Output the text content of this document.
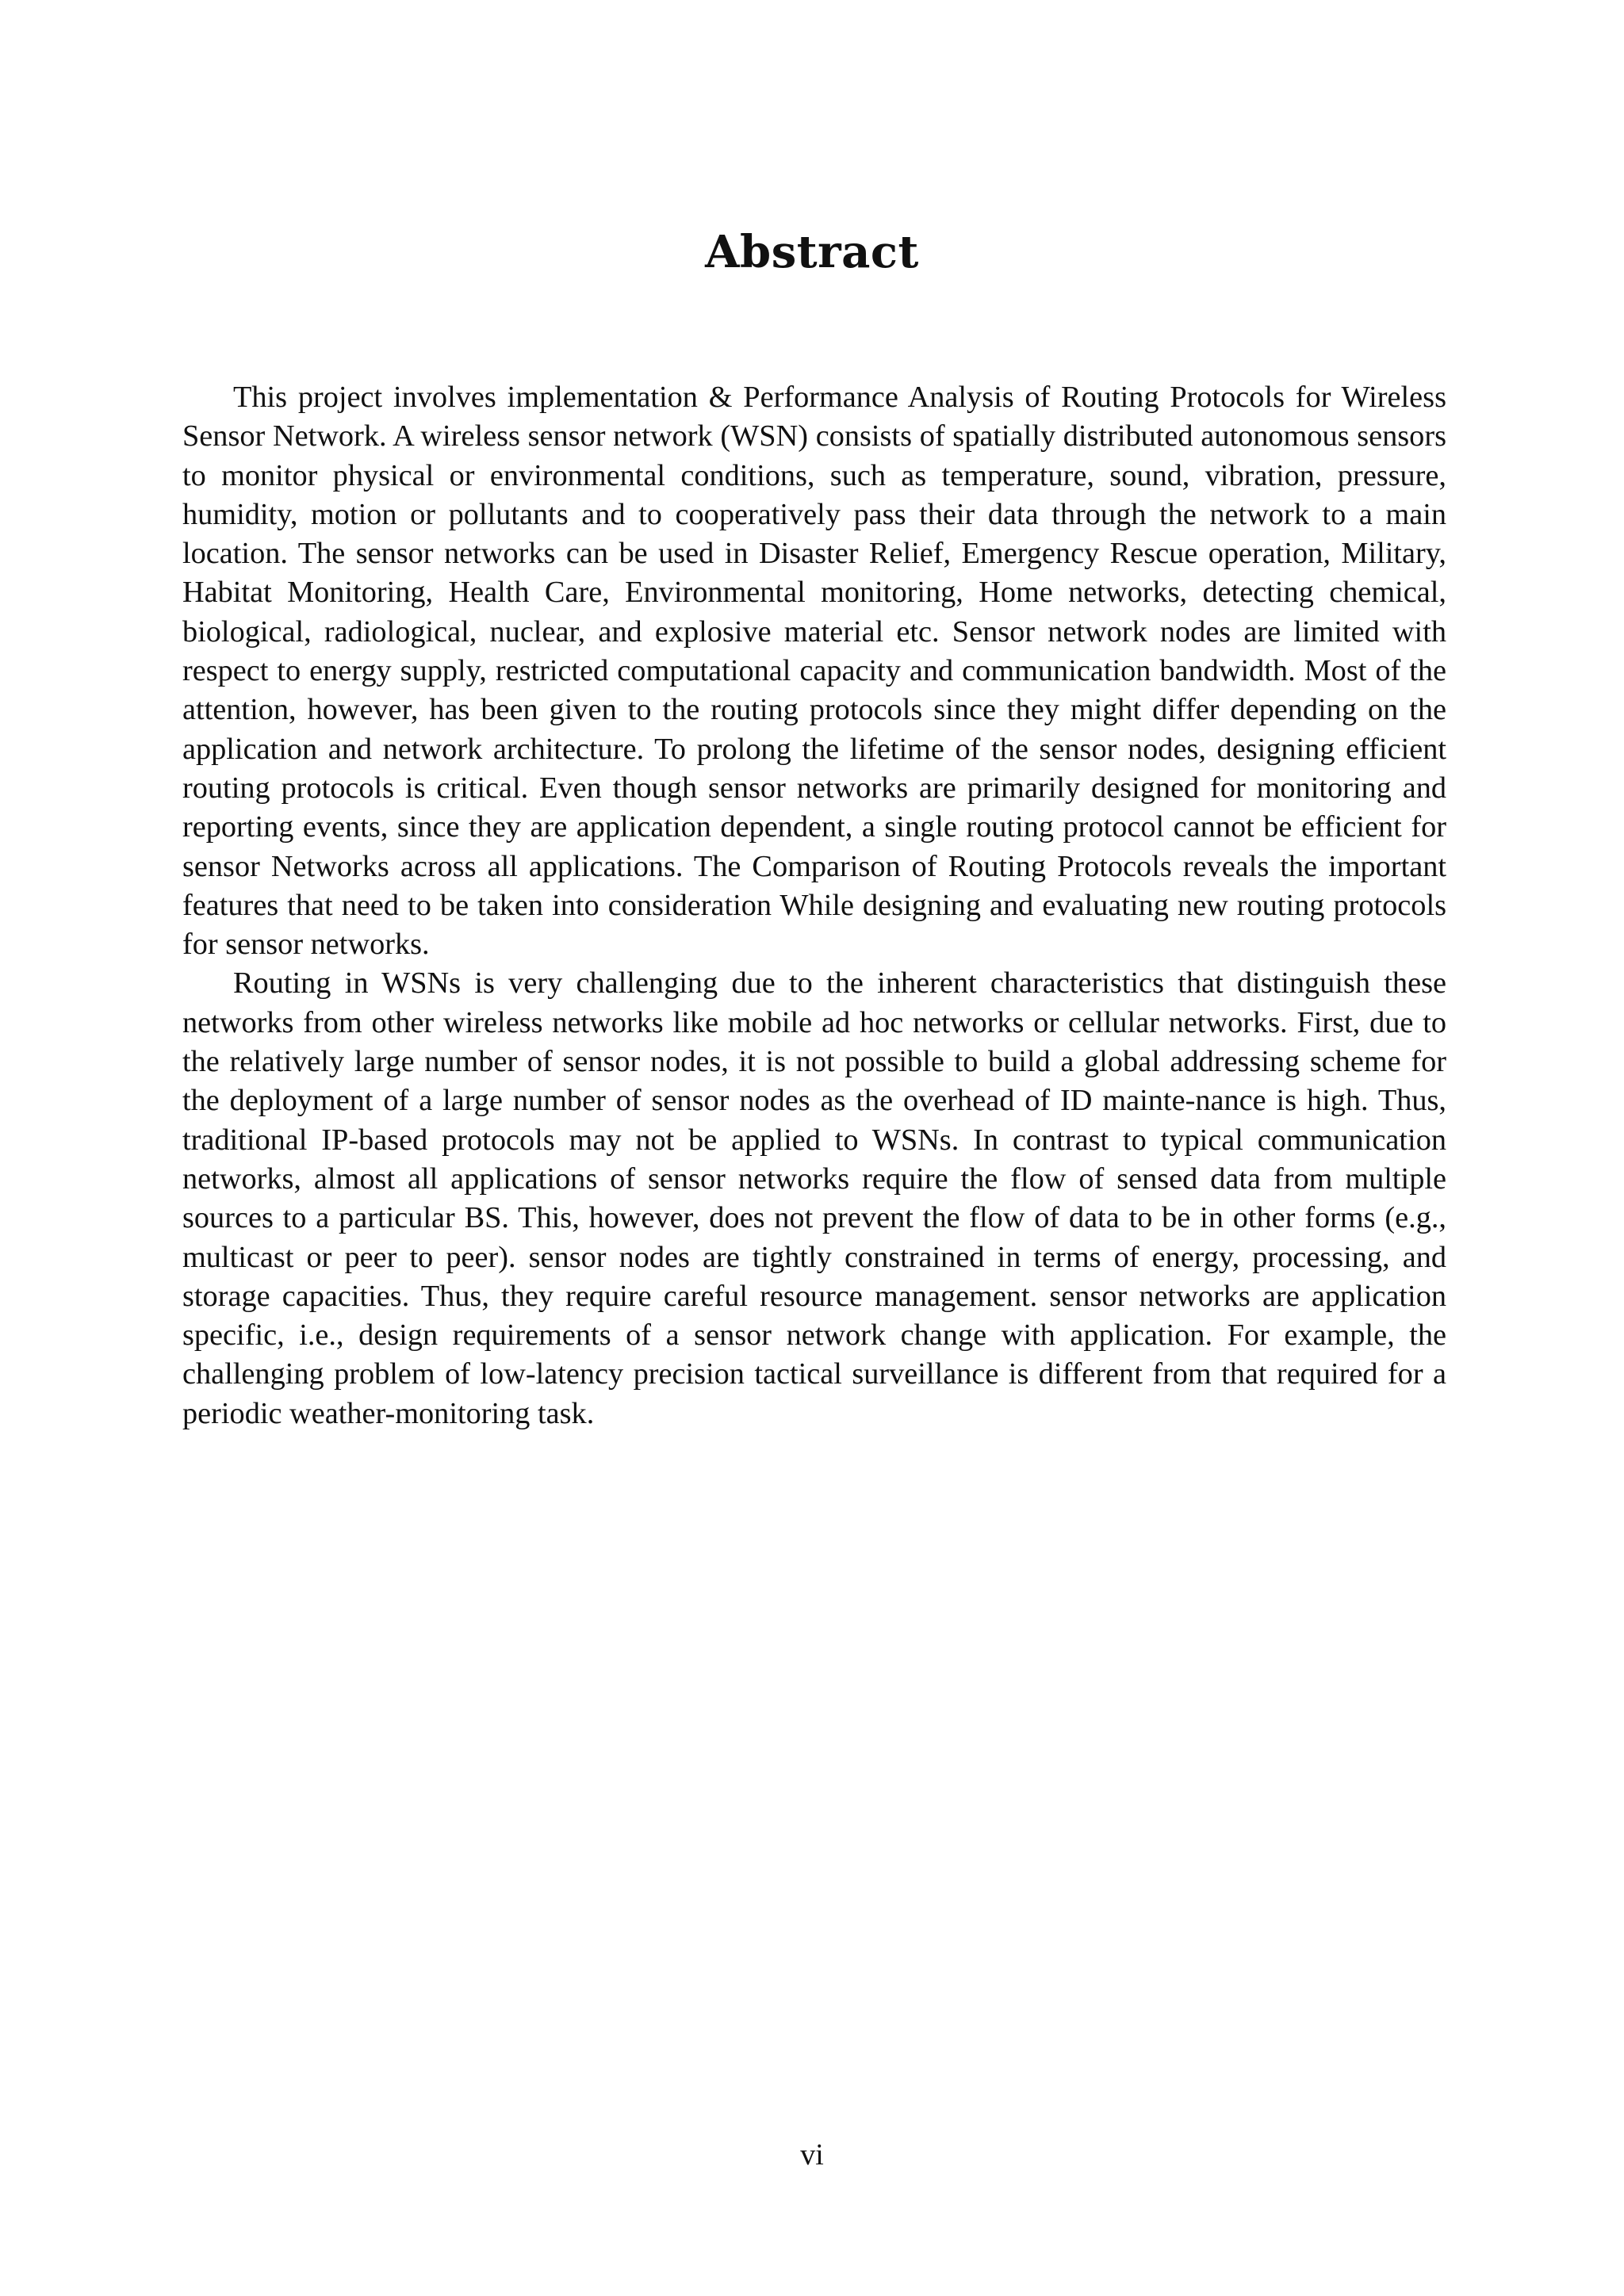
Abstract

This project involves implementation & Performance Analysis of Routing Protocols for Wireless Sensor Network. A wireless sensor network (WSN) consists of spatially distributed autonomous sensors to monitor physical or environmental conditions, such as temperature, sound, vibration, pressure, humidity, motion or pollutants and to cooperatively pass their data through the network to a main location. The sensor networks can be used in Disaster Relief, Emergency Rescue operation, Military, Habitat Monitoring, Health Care, Environmental monitoring, Home networks, detecting chemical, biological, radiological, nuclear, and explosive material etc. Sensor network nodes are limited with respect to energy supply, restricted computational capacity and communication bandwidth. Most of the attention, however, has been given to the routing protocols since they might differ depending on the application and network architecture. To prolong the lifetime of the sensor nodes, designing efficient routing protocols is critical. Even though sensor networks are primarily designed for monitoring and reporting events, since they are application dependent, a single routing protocol cannot be efficient for sensor Networks across all applications. The Comparison of Routing Protocols reveals the important features that need to be taken into consideration While designing and evaluating new routing protocols for sensor networks.

Routing in WSNs is very challenging due to the inherent characteristics that distinguish these networks from other wireless networks like mobile ad hoc networks or cellular networks. First, due to the relatively large number of sensor nodes, it is not possible to build a global addressing scheme for the deployment of a large number of sensor nodes as the overhead of ID mainte-nance is high. Thus, traditional IP-based protocols may not be applied to WSNs. In contrast to typical communication networks, almost all applications of sensor networks require the flow of sensed data from multiple sources to a particular BS. This, however, does not prevent the flow of data to be in other forms (e.g., multicast or peer to peer). sensor nodes are tightly constrained in terms of energy, processing, and storage capacities. Thus, they require careful resource management. sensor networks are application specific, i.e., design requirements of a sensor network change with application. For example, the challenging problem of low-latency precision tactical surveillance is different from that required for a periodic weather-monitoring task.

vi
